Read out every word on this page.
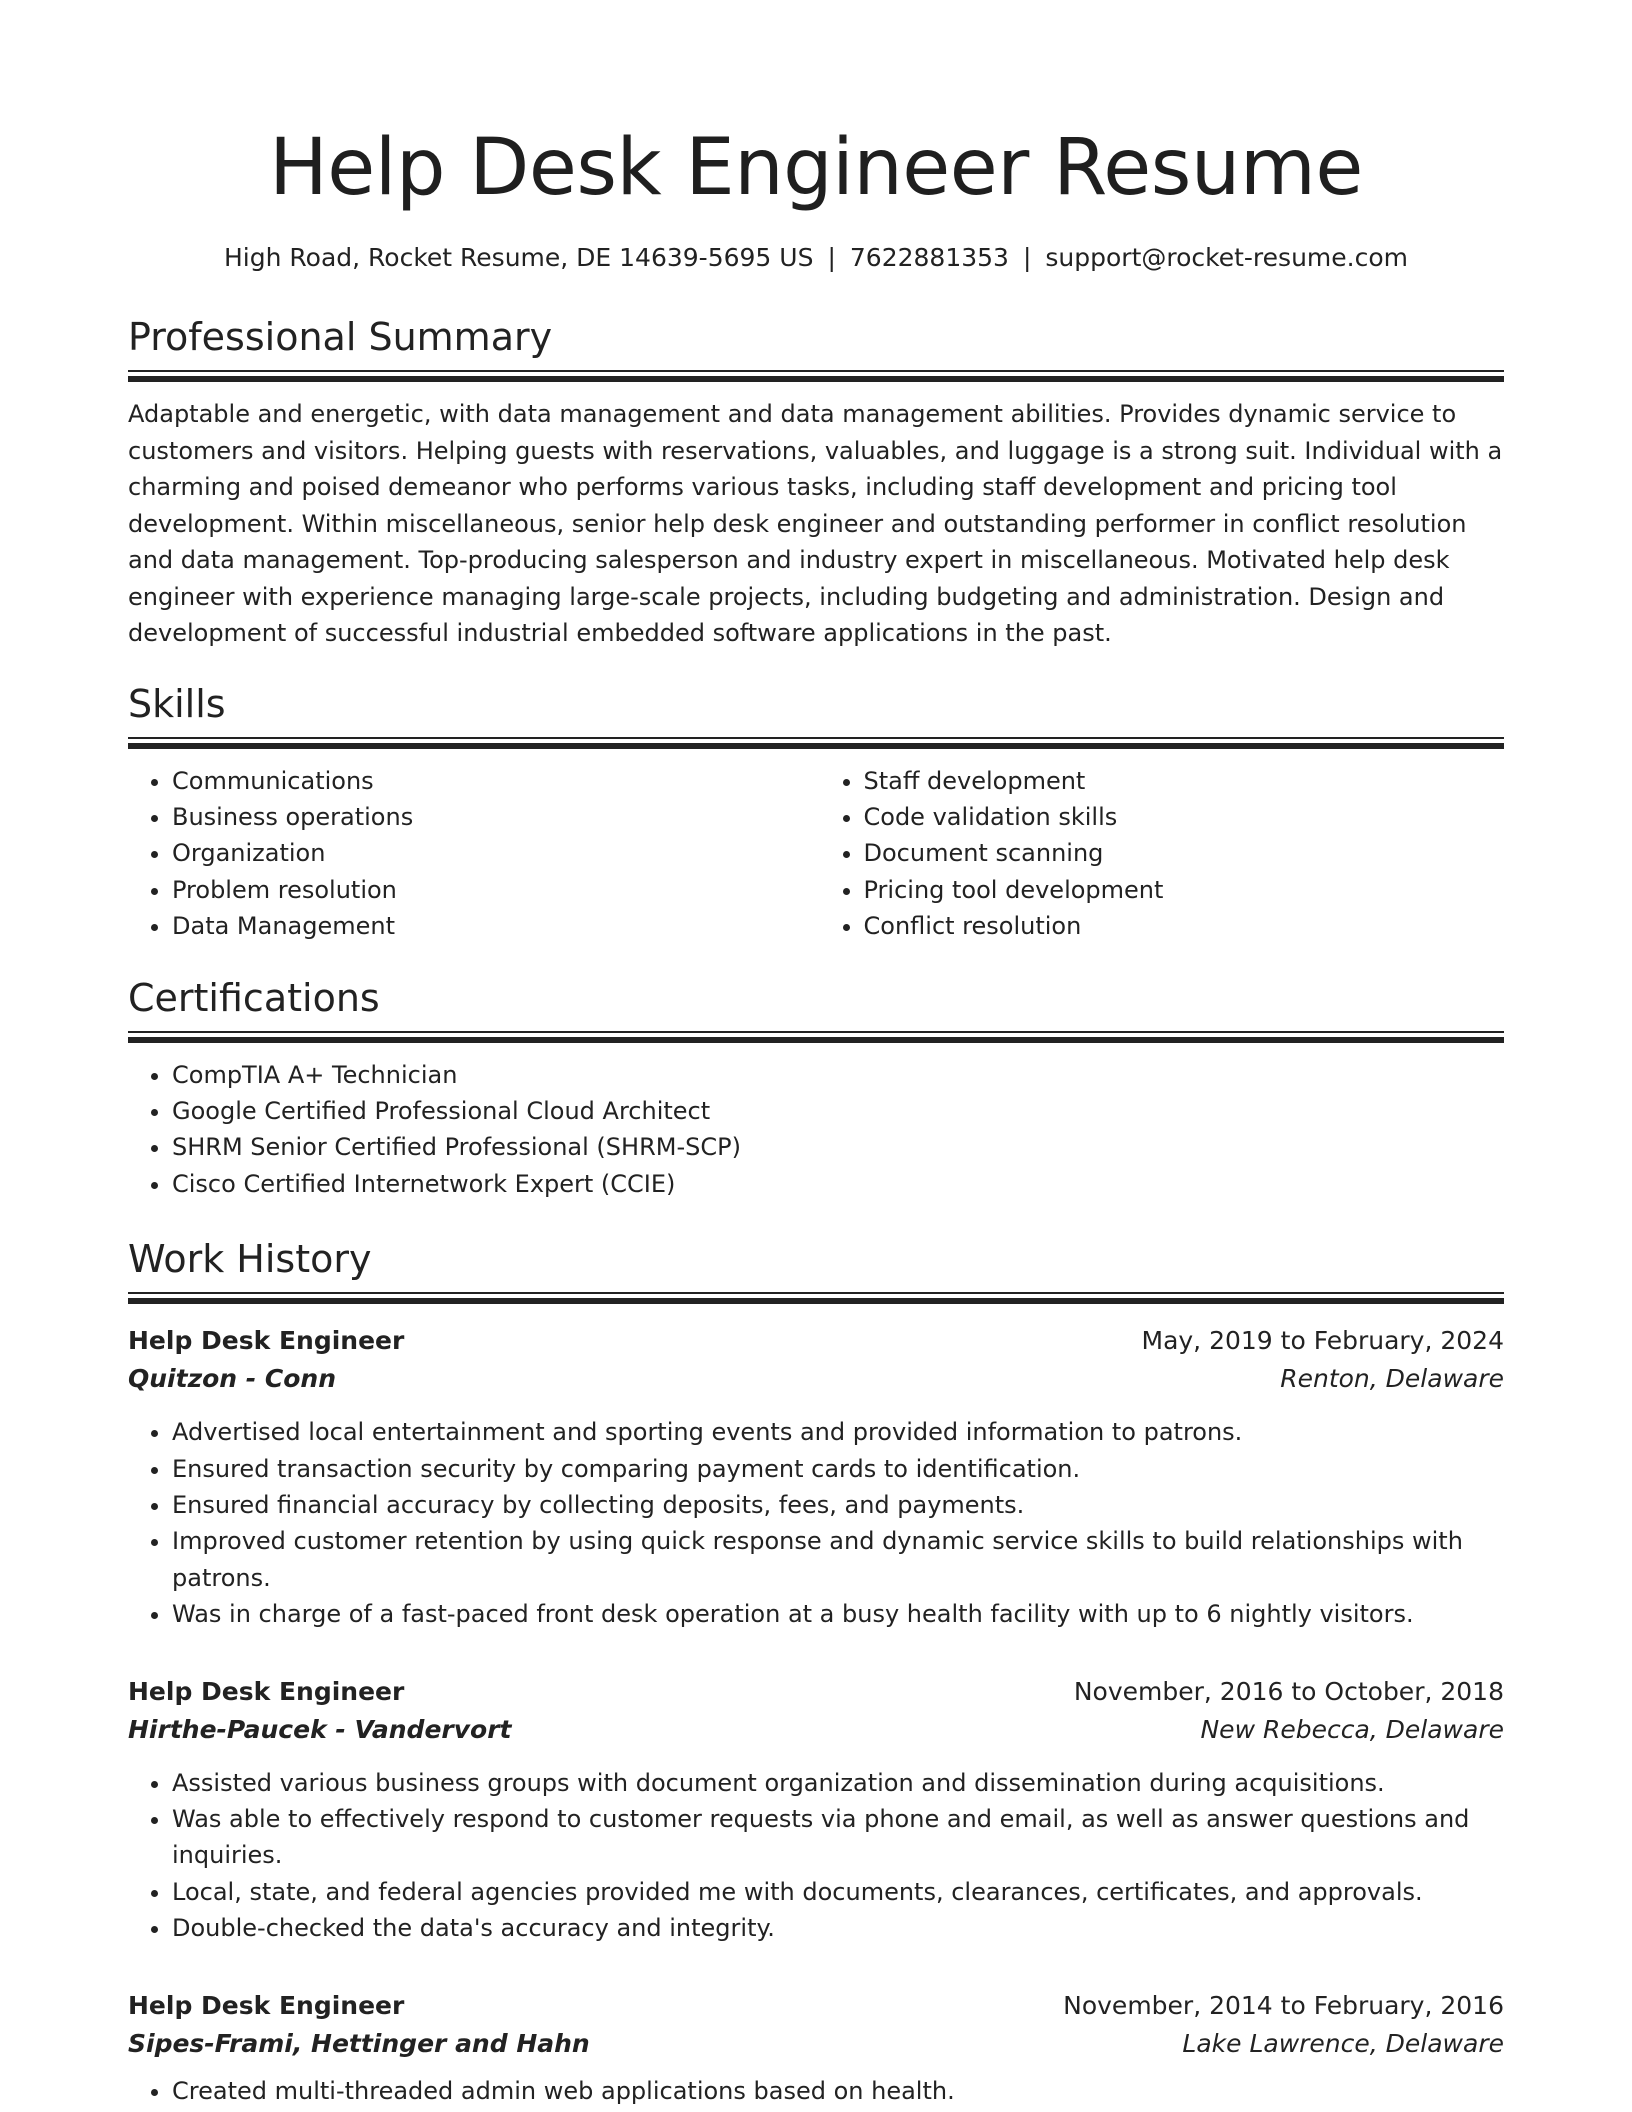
Help Desk Engineer Resume
High Road, Rocket Resume, DE 14639-5695 US | 7622881353 | support@rocket-resume.com
Professional Summary

Adaptable and energetic, with data management and data management abilities. Provides dynamic service to customers and visitors. Helping guests with reservations, valuables, and luggage is a strong suit. Individual with a charming and poised demeanor who performs various tasks, including staff development and pricing tool development. Within miscellaneous, senior help desk engineer and outstanding performer in conflict resolution and data management. Top-producing salesperson and industry expert in miscellaneous. Motivated help desk engineer with experience managing large-scale projects, including budgeting and administration. Design and development of successful industrial embedded software applications in the past.

Skills
• Communications
• Business operations
• Organization
• Problem resolution
• Data Management
• Staff development
• Code validation skills
• Document scanning
• Pricing tool development
• Conflict resolution
Certifications
• CompTIA A+ Technician
• Google Certified Professional Cloud Architect
• SHRM Senior Certified Professional (SHRM-SCP)
• Cisco Certified Internetwork Expert (CCIE)
Work History
Help Desk Engineer	May, 2019 to February, 2024
Quitzon - Conn	Renton, Delaware
• Advertised local entertainment and sporting events and provided information to patrons.
• Ensured transaction security by comparing payment cards to identification.
• Ensured financial accuracy by collecting deposits, fees, and payments.
• Improved customer retention by using quick response and dynamic service skills to build relationships with patrons.
• Was in charge of a fast-paced front desk operation at a busy health facility with up to 6 nightly visitors.
Help Desk Engineer	November, 2016 to October, 2018
Hirthe-Paucek - Vandervort	New Rebecca, Delaware
• Assisted various business groups with document organization and dissemination during acquisitions.
• Was able to effectively respond to customer requests via phone and email, as well as answer questions and inquiries.
• Local, state, and federal agencies provided me with documents, clearances, certificates, and approvals.
• Double-checked the data's accuracy and integrity.
Help Desk Engineer	November, 2014 to February, 2016
Sipes-Frami, Hettinger and Hahn	Lake Lawrence, Delaware
• Created multi-threaded admin web applications based on health.
